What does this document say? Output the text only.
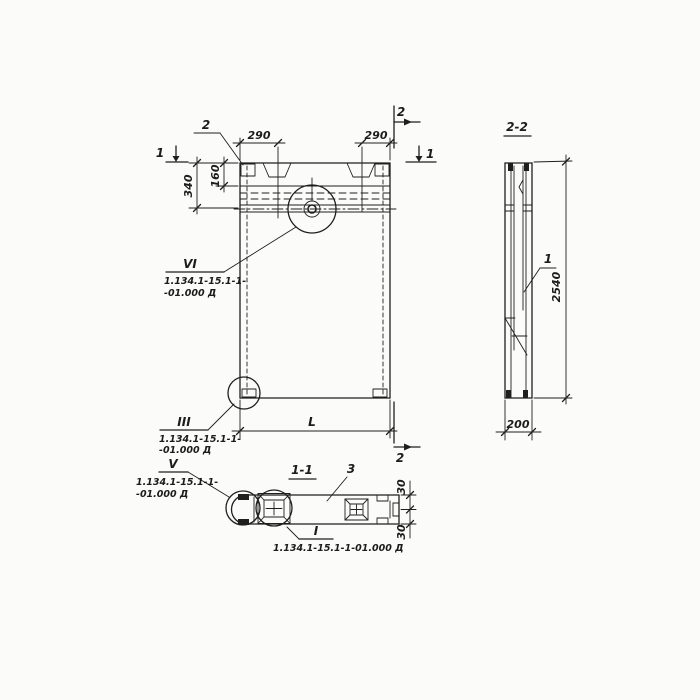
290	290
340 160
L
1	1
2
2
2
VI
1.134.1-15.1-1-
-01.000 Д
III
1.134.1-15.1-1-
-01.000 Д
1-1	3
V
1.134.1-15.1-1-
-01.000 Д
I
1.134.1-15.1-1-01.000 Д
30
30
2-2
1
2540
200
